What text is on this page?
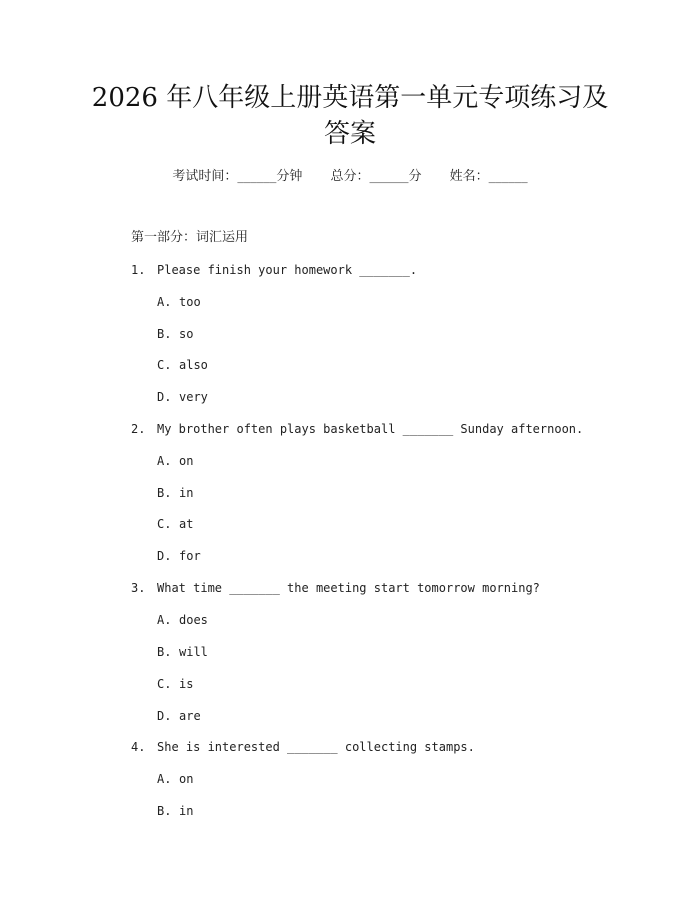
2026 年八年级上册英语第一单元专项练习及
答案
考试时间：______分钟 总分：______分 姓名：______
第一部分：词汇运用
1. Please finish your homework _______.
A. too
B. so
C. also
D. very
2. My brother often plays basketball _______ Sunday afternoon.
A. on
B. in
C. at
D. for
3. What time _______ the meeting start tomorrow morning?
A. does
B. will
C. is
D. are
4. She is interested _______ collecting stamps.
A. on
B. in
